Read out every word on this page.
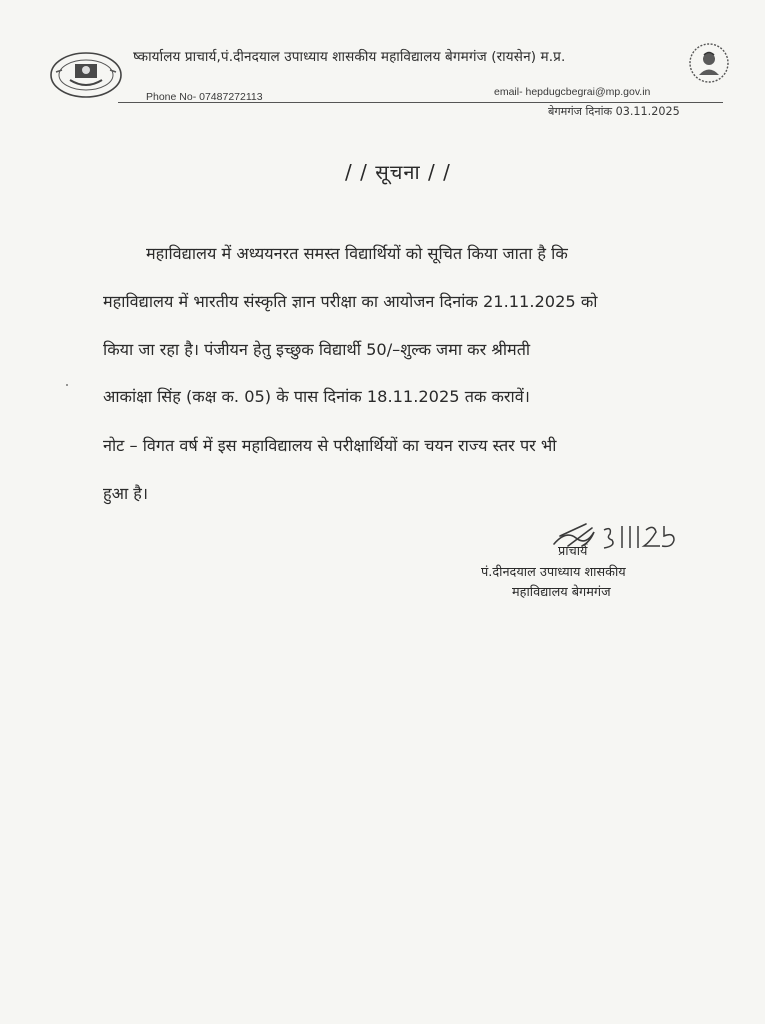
ष्कार्यालय प्राचार्य,पं.दीनदयाल उपाध्याय शासकीय महाविद्यालय बेगमगंज (रायसेन) म.प्र.
email- hepdugcbegrai@mp.gov.in
Phone No- 07487272113
बेगमगंज दिनांक 03.11.2025
/ / सूचना / /
महाविद्यालय में अध्ययनरत समस्त विद्यार्थियों को सूचित किया जाता है कि
महाविद्यालय में भारतीय संस्कृति ज्ञान परीक्षा का आयोजन दिनांक 21.11.2025 को
किया जा रहा है। पंजीयन हेतु इच्छुक विद्यार्थी 50/–शुल्क जमा कर श्रीमती
आकांक्षा सिंह (कक्ष क. 05) के पास दिनांक 18.11.2025 तक करावें।
नोट – विगत वर्ष में इस महाविद्यालय से परीक्षार्थियों का चयन राज्य स्तर पर भी
हुआ है।
प्राचार्य
पं.दीनदयाल उपाध्याय शासकीय
महाविद्यालय बेगमगंज
